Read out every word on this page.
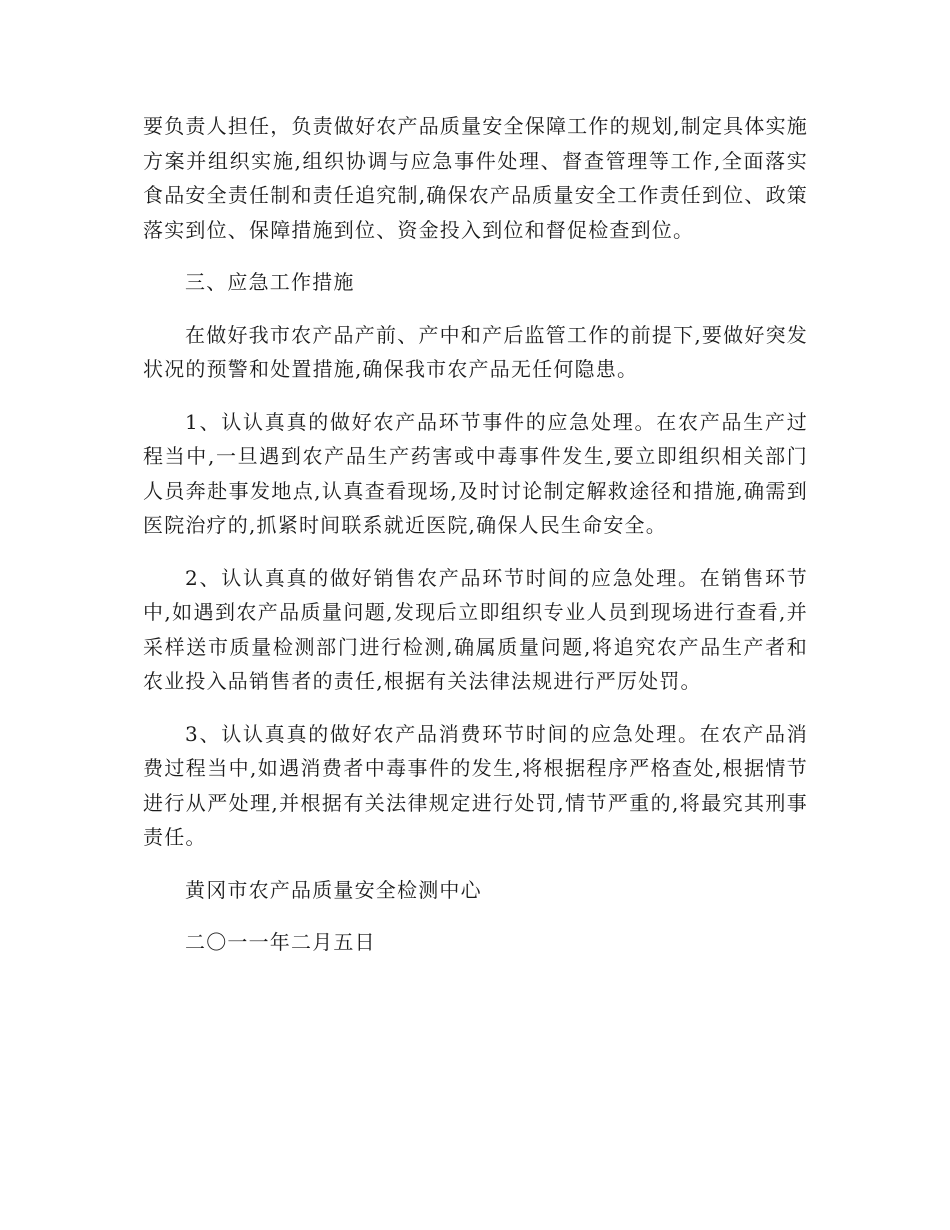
要负责人担任，负责做好农产品质量安全保障工作的规划,制定具体实施方案并组织实施,组织协调与应急事件处理、督查管理等工作,全面落实食品安全责任制和责任追究制,确保农产品质量安全工作责任到位、政策落实到位、保障措施到位、资金投入到位和督促检查到位。

三、应急工作措施

在做好我市农产品产前、产中和产后监管工作的前提下,要做好突发状况的预警和处置措施,确保我市农产品无任何隐患。

1、认认真真的做好农产品环节事件的应急处理。在农产品生产过程当中,一旦遇到农产品生产药害或中毒事件发生,要立即组织相关部门人员奔赴事发地点,认真查看现场,及时讨论制定解救途径和措施,确需到医院治疗的,抓紧时间联系就近医院,确保人民生命安全。

2、认认真真的做好销售农产品环节时间的应急处理。在销售环节中,如遇到农产品质量问题,发现后立即组织专业人员到现场进行查看,并采样送市质量检测部门进行检测,确属质量问题,将追究农产品生产者和农业投入品销售者的责任,根据有关法律法规进行严厉处罚。

3、认认真真的做好农产品消费环节时间的应急处理。在农产品消费过程当中,如遇消费者中毒事件的发生,将根据程序严格查处,根据情节进行从严处理,并根据有关法律规定进行处罚,情节严重的,将最究其刑事责任。

黄冈市农产品质量安全检测中心

二〇一一年二月五日
